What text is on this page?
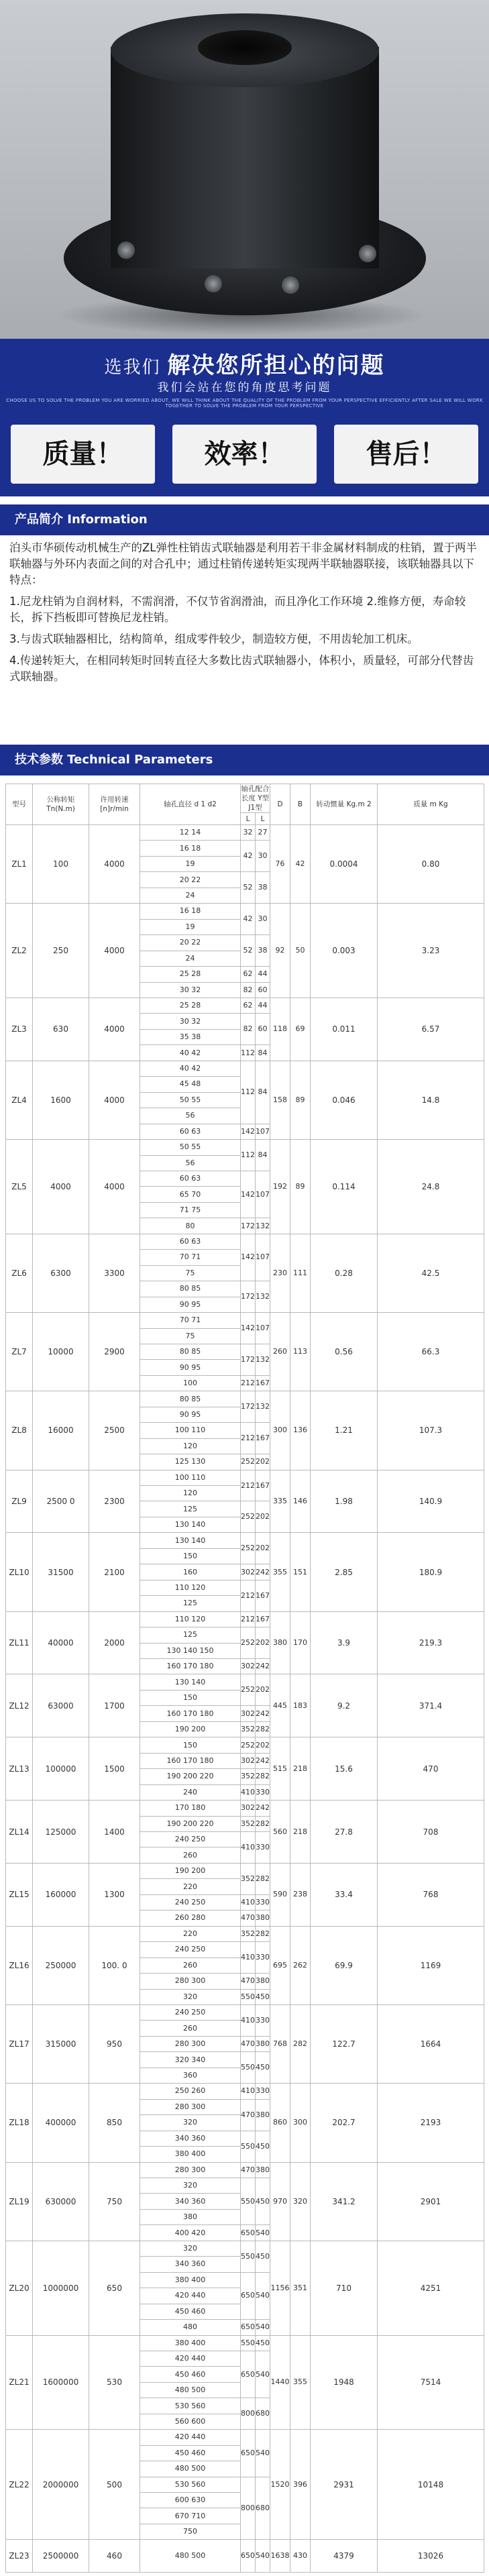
选我们 解决您所担心的问题
我们会站在您的角度思考问题
CHOOSE US TO SOLVE THE PROBLEM YOU ARE WORRIED ABOUT, WE WILL THINK ABOUT THE QUALITY OF THE PROBLEM FROM YOUR PERSPECTIVE EFFICIENTLY AFTER SALE WE WILL WORK TOGETHER TO SOLVE THE PROBLEM FROM YOUR PERSPECTIVE
质量！	效率！	售后！
产品简介 Information

泊头市华硕传动机械生产的ZL弹性柱销齿式联轴器是利用若干非金属材料制成的柱销，置于两半联轴器与外环内表面之间的对合孔中；通过柱销传递转矩实现两半联轴器联接，该联轴器具以下特点：

1.尼龙柱销为自润材料，不需润滑，不仅节省润滑油，而且净化工作环境 2.维修方便，寿命较长，拆下挡板即可替换尼龙柱销。

3.与齿式联轴器相比，结构简单，组成零件较少，制造较方便，不用齿轮加工机床。

4.传递转矩大，在相同转矩时回转直径大多数比齿式联轴器小，体积小，质量轻，可部分代替齿式联轴器。

技术参数 Technical Parameters
型号	公称转矩 Tn(N.m)	许用转速 [n]r/min	轴孔直径 d 1 d2	轴孔配合长度 Y型 J1型		D	B	转动惯量 Kg.m 2	质量 m Kg
				L	L				
ZL1	100	4000	12 14	32	27	76	42	0.0004	0.80
			16 18	42	30				
			19						
			20 22	52	38				
			24						
ZL2	250	4000	16 18	42	30	92	50	0.003	3.23
			19						
			20 22	52	38				
			24						
			25 28	62	44				
			30 32	82	60				
ZL3	630	4000	25 28	62	44	118	69	0.011	6.57
			30 32	82	60				
			35 38						
			40 42	112	84				
ZL4	1600	4000	40 42	112	84	158	89	0.046	14.8
			45 48						
			50 55						
			56						
			60 63	142	107				
ZL5	4000	4000	50 55	112	84	192	89	0.114	24.8
			56						
			60 63	142	107				
			65 70						
			71 75						
			80	172	132				
ZL6	6300	3300	60 63	142	107	230	111	0.28	42.5
			70 71						
			75						
			80 85	172	132				
			90 95						
ZL7	10000	2900	70 71	142	107	260	113	0.56	66.3
			75						
			80 85	172	132				
			90 95						
			100	212	167				
ZL8	16000	2500	80 85	172	132	300	136	1.21	107.3
			90 95						
			100 110	212	167				
			120						
			125 130	252	202				
ZL9	2500 0	2300	100 110	212	167	335	146	1.98	140.9
			120						
			125	252	202				
			130 140						
ZL10	31500	2100	130 140	252	202	355	151	2.85	180.9
			150						
			160	302	242				
			110 120	212	167				
			125						
ZL11	40000	2000	110 120	212	167	380	170	3.9	219.3
			125	252	202				
			130 140 150						
			160 170 180	302	242				
ZL12	63000	1700	130 140	252	202	445	183	9.2	371.4
			150						
			160 170 180	302	242				
			190 200	352	282				
ZL13	100000	1500	150	252	202	515	218	15.6	470
			160 170 180	302	242				
			190 200 220	352	282				
			240	410	330				
ZL14	125000	1400	170 180	302	242	560	218	27.8	708
			190 200 220	352	282				
			240 250	410	330				
			260						
ZL15	160000	1300	190 200	352	282	590	238	33.4	768
			220						
			240 250	410	330				
			260 280	470	380				
ZL16	250000	100. 0	220	352	282	695	262	69.9	1169
			240 250	410	330				
			260						
			280 300	470	380				
			320	550	450				
ZL17	315000	950	240 250	410	330	768	282	122.7	1664
			260						
			280 300	470	380				
			320 340	550	450				
			360						
ZL18	400000	850	250 260	410	330	860	300	202.7	2193
			280 300	470	380				
			320						
			340 360	550	450				
			380 400						
ZL19	630000	750	280 300	470	380	970	320	341.2	2901
			320	550	450				
			340 360						
			380						
			400 420	650	540				
ZL20	1000000	650	320	550	450	1156	351	710	4251
			340 360						
			380 400	650	540				
			420 440						
			450 460						
			480	650	540				
ZL21	1600000	530	380 400	550	450	1440	355	1948	7514
			420 440	650	540				
			450 460						
			480 500						
			530 560	800	680				
			560 600						
ZL22	2000000	500	420 440	650	540	1520	396	2931	10148
			450 460						
			480 500						
			530 560	800	680				
			600 630						
			670 710						
			750						
ZL23	2500000	460	480 500	650	540	1638	430	4379	13026
